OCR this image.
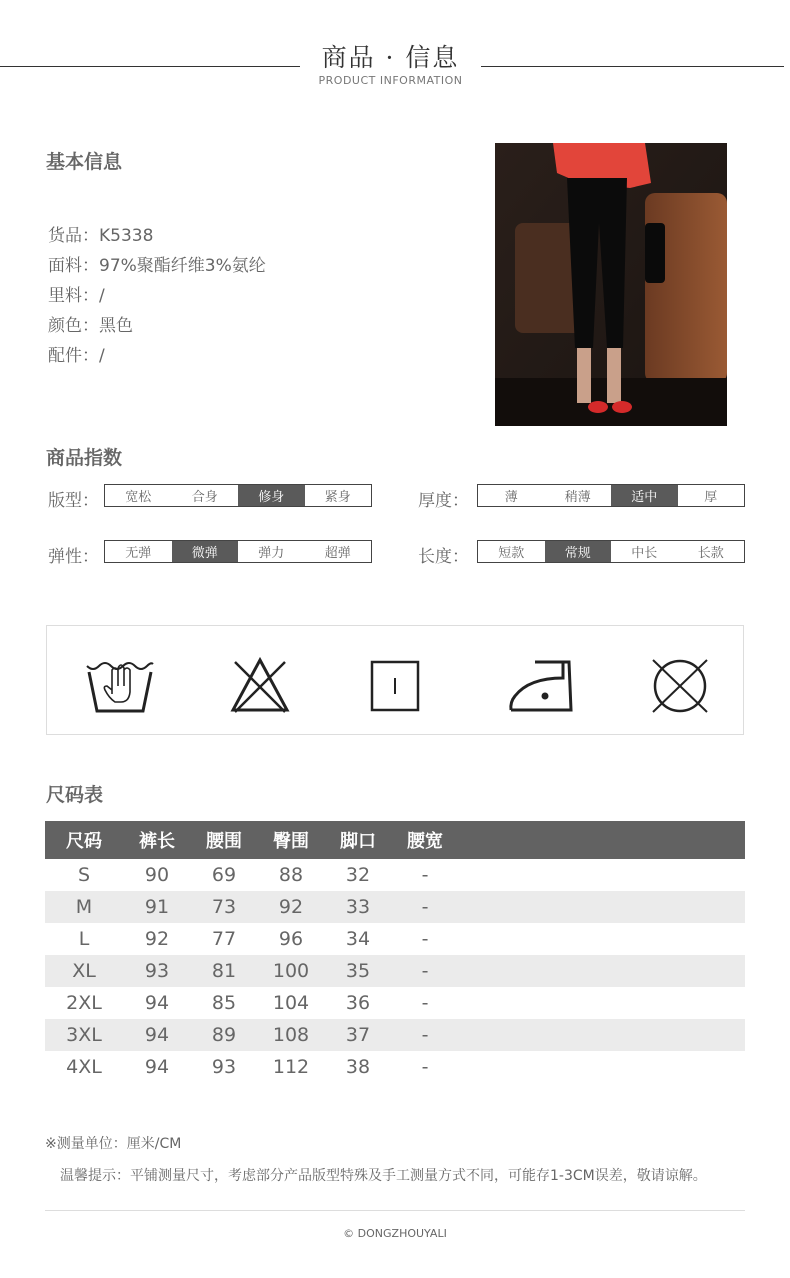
商品 · 信息
PRODUCT INFORMATION
基本信息
货品：K5338
面料：97%聚酯纤维3%氨纶
里料：/
颜色：黑色
配件：/
商品指数
版型：	宽松	合身	修身	紧身	厚度：	薄	稍薄	适中	厚
弹性：	无弹	微弹	弹力	超弹	长度：	短款	常规	中长	长款
尺码表
尺码	裤长	腰围	臀围	脚口	腰宽
S	90	69	88	32	-
M	91	73	92	33	-
L	92	77	96	34	-
XL	93	81	100	35	-
2XL	94	85	104	36	-
3XL	94	89	108	37	-
4XL	94	93	112	38	-
※测量单位：厘米/CM
温馨提示：平铺测量尺寸，考虑部分产品版型特殊及手工测量方式不同，可能存1-3CM误差，敬请谅解。
© DONGZHOUYALI
